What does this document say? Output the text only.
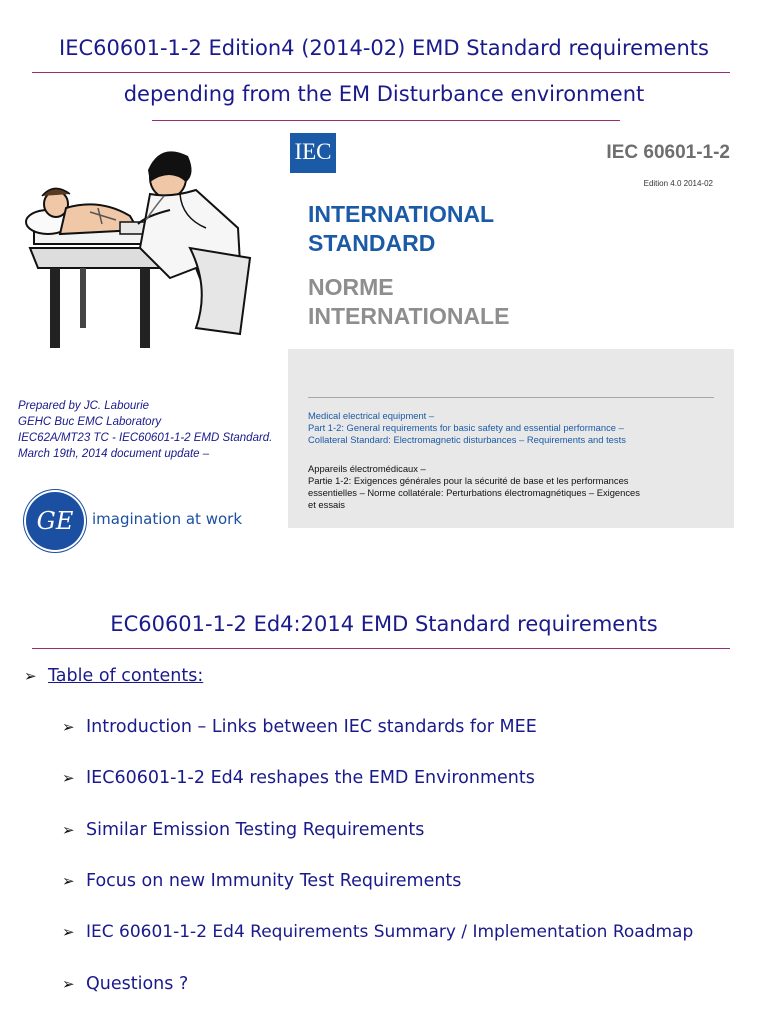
IEC60601-1-2 Edition4 (2014-02) EMD Standard requirements
depending from the EM Disturbance environment
Prepared by JC. Labourie
GEHC Buc EMC Laboratory
IEC62A/MT23 TC - IEC60601-1-2 EMD Standard.
March 19th, 2014 document update –
GE	imagination at work
IEC	IEC 60601-1-2
Edition 4.0 2014-02
INTERNATIONAL
STANDARD
NORME
INTERNATIONALE
Medical electrical equipment –
Part 1-2: General requirements for basic safety and essential performance –
Collateral Standard: Electromagnetic disturbances – Requirements and tests
Appareils électromédicaux –
Partie 1-2: Exigences générales pour la sécurité de base et les performances
essentielles – Norme collatérale: Perturbations électromagnétiques – Exigences
et essais
EC60601-1-2 Ed4:2014 EMD Standard requirements
➢ Table of contents:
➢ Introduction – Links between IEC standards for MEE
➢ IEC60601-1-2 Ed4 reshapes the EMD Environments
➢ Similar Emission Testing Requirements
➢ Focus on new Immunity Test Requirements
➢ IEC 60601-1-2 Ed4 Requirements Summary / Implementation Roadmap
➢ Questions ?
